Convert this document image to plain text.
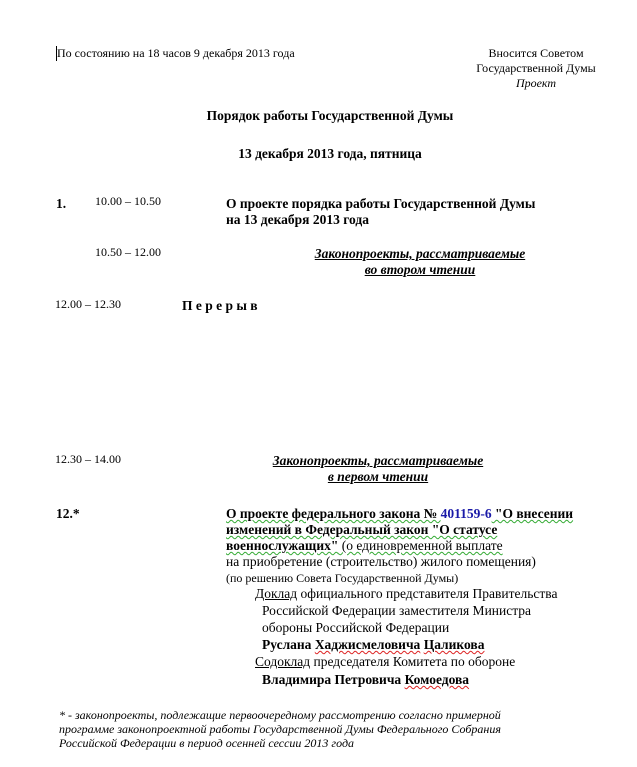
По состоянию на 18 часов 9 декабря 2013 года	Вносится Советом
Государственной Думы
Проект
Порядок работы Государственной Думы
13 декабря 2013 года, пятница
1. 10.00 – 10.50	О проекте порядка работы Государственной Думы
на 13 декабря 2013 года
10.50 – 12.00	Законопроекты, рассматриваемые
во втором чтении
12.00 – 12.30	П е р е р ы в
12.30 – 14.00	Законопроекты, рассматриваемые
в первом чтении
12.*	О проекте федерального закона № 401159-6 "О внесении
изменений в Федеральный закон "О статусе
военнослужащих" (о единовременной выплате
на приобретение (строительство) жилого помещения)
(по решению Совета Государственной Думы)
Доклад официального представителя Правительства
Российской Федерации заместителя Министра
обороны Российской Федерации
Руслана Хаджисмеловича Цаликова
Содоклад председателя Комитета по обороне
Владимира Петровича Комоедова
* - законопроекты, подлежащие первоочередному рассмотрению согласно примерной
программе законопроектной работы Государственной Думы Федерального Собрания
Российской Федерации в период осенней сессии 2013 года
